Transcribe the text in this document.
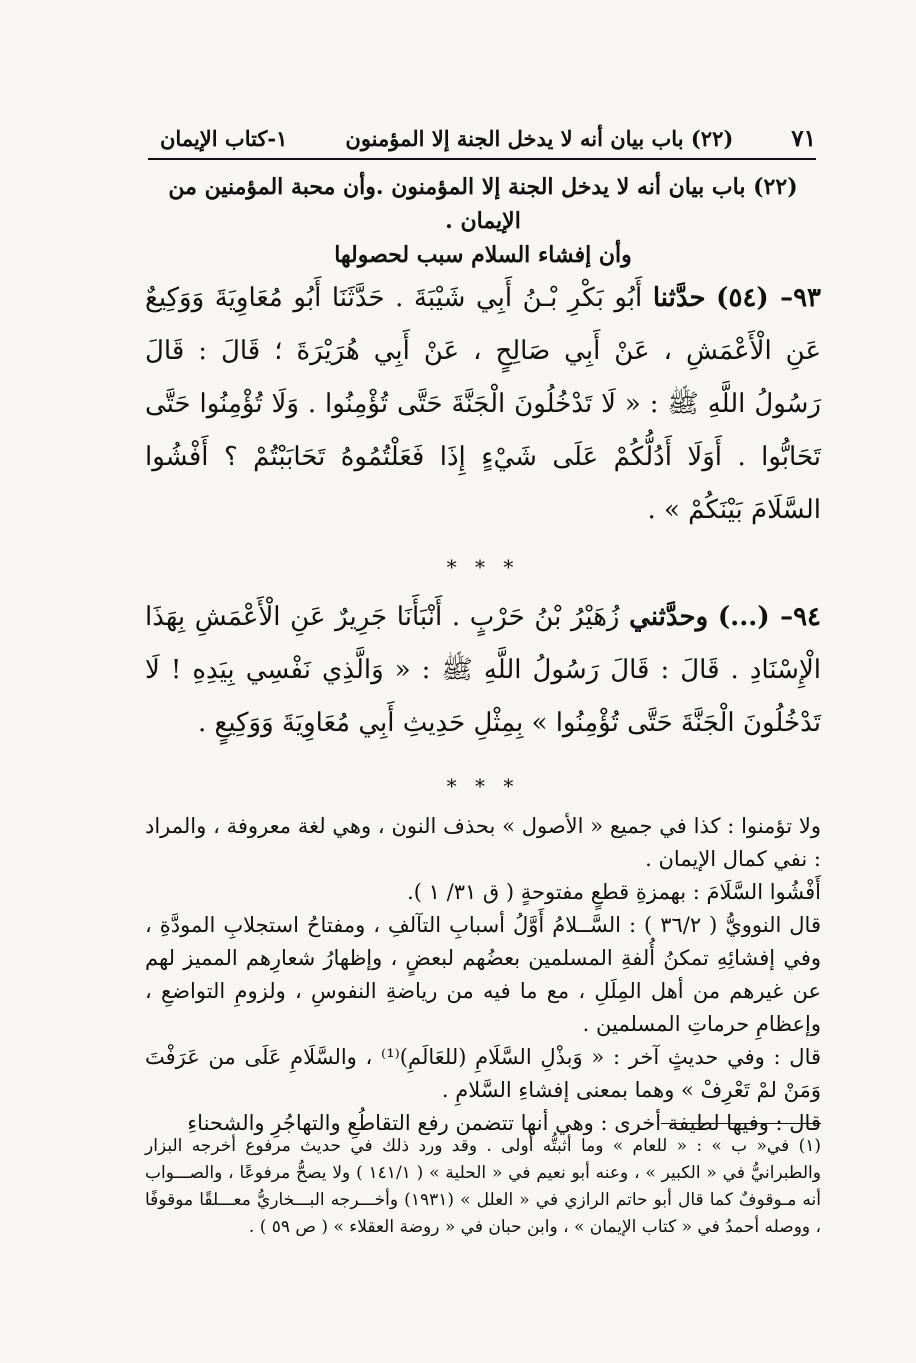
١-كتاب الإيمان	(٢٢) باب بيان أنه لا يدخل الجنة إلا المؤمنون	٧١

(٢٢) باب بيان أنه لا يدخل الجنة إلا المؤمنون .وأن محبة المؤمنين من الإيمان .

وأن إفشاء السلام سبب لحصولها

٩٣– (٥٤) حدَّثنا أَبُو بَكْرِ بْـنُ أَبِي شَيْبَةَ . حَدَّثَنَا أَبُو مُعَاوِيَةَ وَوَكِيعٌ عَنِ الْأَعْمَشِ ، عَنْ أَبِي صَالِحٍ ، عَنْ أَبِي هُرَيْرَةَ ؛ قَالَ : قَالَ رَسُولُ اللَّهِ ﷺ : « لَا تَدْخُلُونَ الْجَنَّةَ حَتَّى تُؤْمِنُوا . وَلَا تُؤْمِنُوا حَتَّى تَحَابُّوا . أَوَلَا أَدُلُّكُمْ عَلَى شَيْءٍ إِذَا فَعَلْتُمُوهُ تَحَابَبْتُمْ ؟ أَفْشُوا السَّلَامَ بَيْنَكُمْ » .

* * *

٩٤– (...) وحدَّثني زُهَيْرُ بْنُ حَرْبٍ . أَنْبَأَنَا جَرِيرٌ عَنِ الْأَعْمَشِ بِهَذَا الْإِسْنَادِ . قَالَ : قَالَ رَسُولُ اللَّهِ ﷺ : « وَالَّذِي نَفْسِي بِيَدِهِ ! لَا تَدْخُلُونَ الْجَنَّةَ حَتَّى تُؤْمِنُوا » بِمِثْلِ حَدِيثِ أَبِي مُعَاوِيَةَ وَوَكِيعٍ .

* * *

ولا تؤمنوا : كذا في جميع « الأصول » بحذف النون ، وهي لغة معروفة ، والمراد : نفي كمال الإيمان .

أَفْشُوا السَّلَامَ : بهمزةِ قطعٍ مفتوحةٍ ( ق ٣١/ ١ ).

قال النوويُّ ( ٣٦/٢ ) : السَّــلامُ أَوَّلُ أسبابِ التآلفِ ، ومفتاحُ استجلابِ المودَّةِ ، وفي إفشائِهِ تمكنُ أُلفةِ المسلمين بعضُهم لبعضٍ ، وإظهارُ شعارِهم المميز لهم عن غيرهم من أهل المِلَلِ ، مع ما فيه من رياضةِ النفوسِ ، ولزومِ التواضعِ ، وإعظامِ حرماتِ المسلمين .

قال : وفي حديثٍ آخر : « وَبذْلِ السَّلَامِ (للعَالَمِ)⁽¹⁾ ، والسَّلَامِ عَلَى من عَرَفْتَ وَمَنْ لمْ تَعْرِفْ » وهما بمعنى إفشاءِ السَّلامِ .

قال : وفيها لطيفة أخرى : وهي أنها تتضمن رفع التقاطُعِ والتهاجُرِ والشحناءِ

(١) في« ب » : « للعام » وما أثبتُّه أولى . وقد ورد ذلك في حديث مرفوع أخرجه البزار والطبرانيُّ في « الكبير » ، وعنه أبو نعيم في « الحلية » ( ١٤١/١ ) ولا يصحُّ مرفوعًا ، والصـــواب أنه مـوقوفٌ كما قال أبو حاتم الرازي في « العلل » (١٩٣١) وأخـــرجه البـــخاريُّ معـــلقًا موقوفًا ، ووصله أحمدُ في « كتاب الإيمان » ، وابن حبان في « روضة العقلاء » ( ص ٥٩ ) .
